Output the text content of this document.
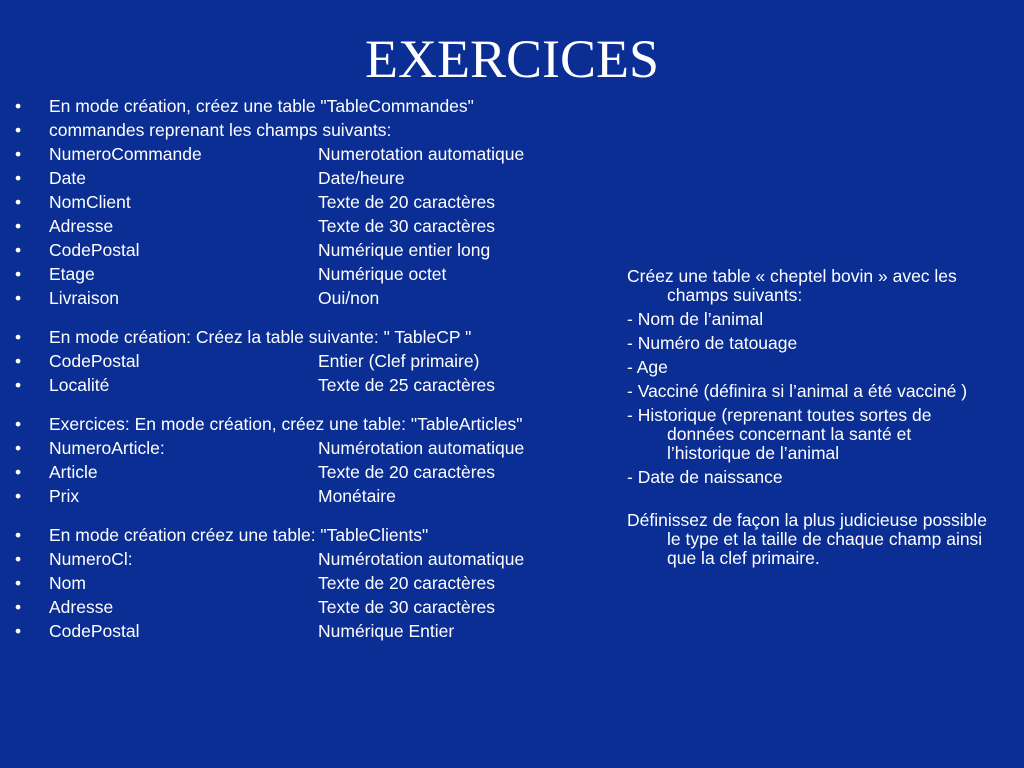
EXERCICES
•	En mode création, créez une table "TableCommandes"
•	commandes reprenant les champs suivants:
•	NumeroCommande	Numerotation automatique
•	Date	Date/heure
•	NomClient	Texte de 20 caractères
•	Adresse	Texte de 30 caractères
•	CodePostal	Numérique entier long
•	Etage	Numérique octet
•	Livraison	Oui/non
•	En mode création: Créez la table suivante: " TableCP "
•	CodePostal	Entier (Clef primaire)
•	Localité	Texte de 25 caractères
•	Exercices: En mode création, créez une table: "TableArticles"
•	NumeroArticle:	Numérotation automatique
•	Article	Texte de 20 caractères
•	Prix	Monétaire
•	En mode création créez une table: "TableClients"
•	NumeroCl:	Numérotation automatique
•	Nom	Texte de 20 caractères
•	Adresse	Texte de 30 caractères
•	CodePostal	Numérique Entier
Créez une table « cheptel bovin » avec les champs suivants:
- Nom de l’animal
- Numéro de tatouage
- Age
- Vacciné (définira si l’animal a été vacciné )
- Historique (reprenant toutes sortes de données concernant la santé et l’historique de l’animal
- Date de naissance
Définissez de façon la plus judicieuse possible le type et la taille de chaque champ ainsi que la clef primaire.
